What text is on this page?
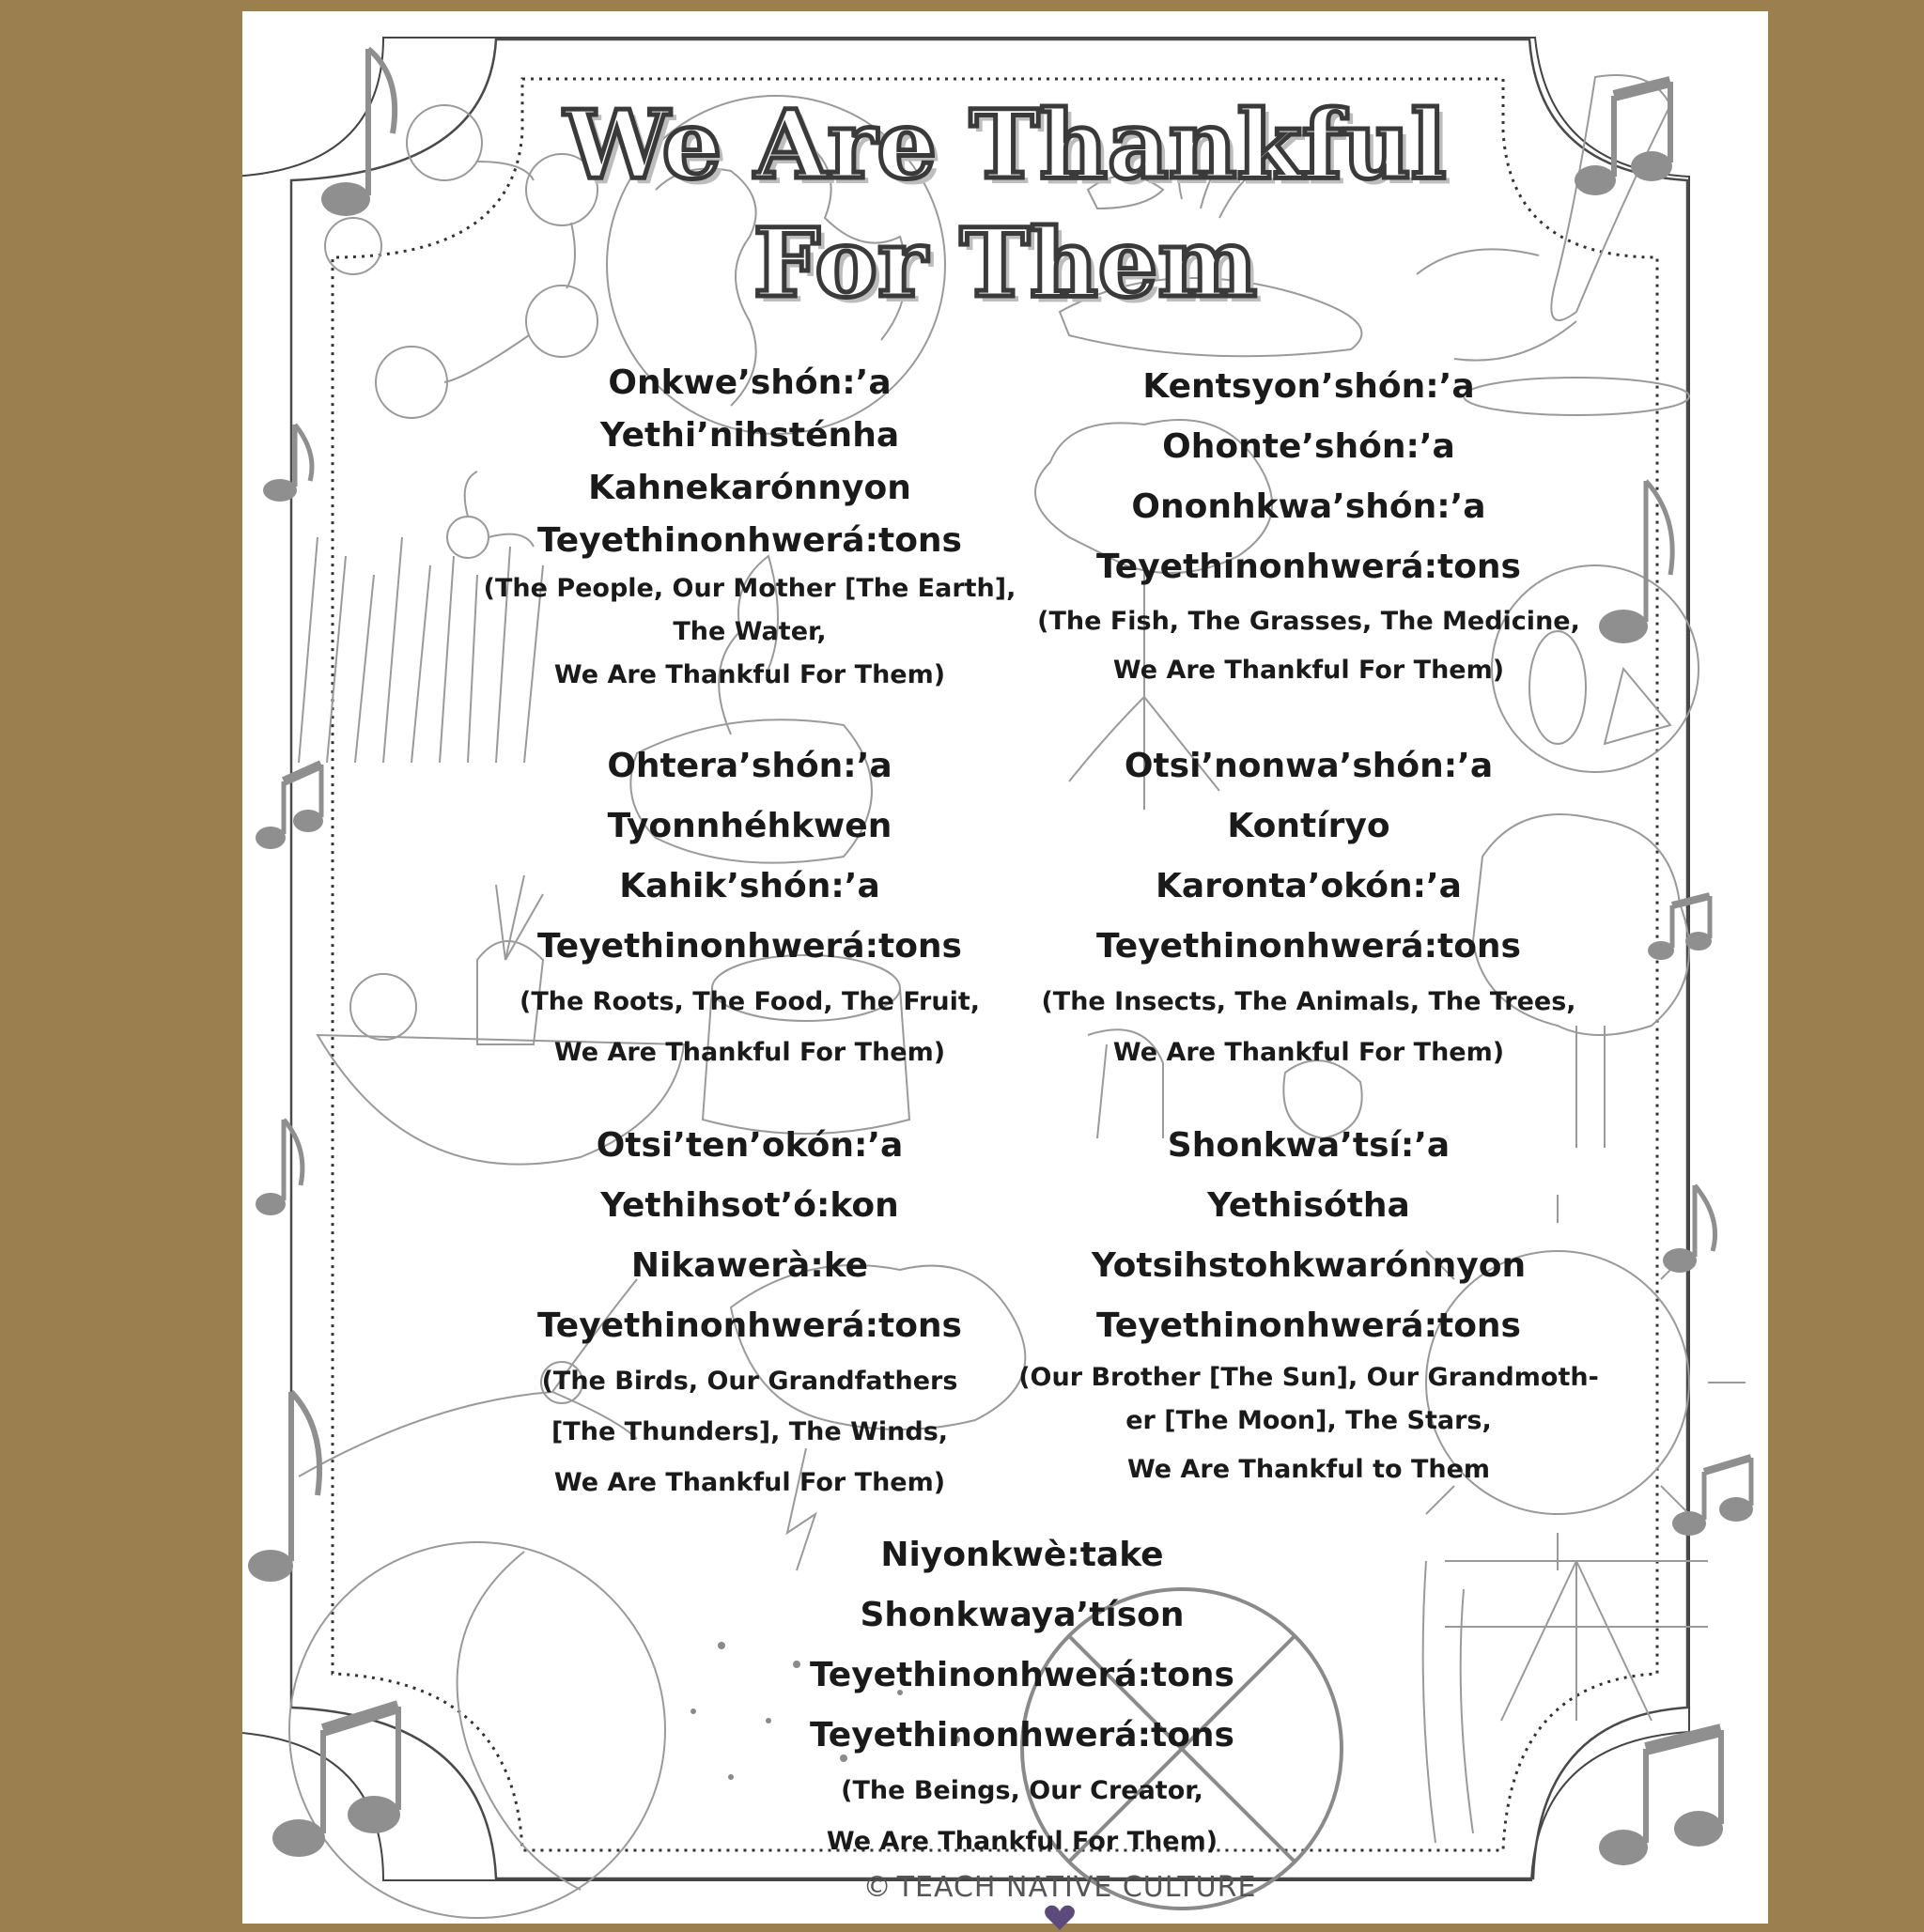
We Are Thankful
For Them
Onkwe’shón:’a
Yethi’nihsténha
Kahnekarónnyon
Teyethinonhwerá:tons
(The People, Our Mother [The Earth],
The Water,
We Are Thankful For Them)
Kentsyon’shón:’a
Ohonte’shón:’a
Ononhkwa’shón:’a
Teyethinonhwerá:tons
(The Fish, The Grasses, The Medicine,
We Are Thankful For Them)
Ohtera’shón:’a
Tyonnhéhkwen
Kahik’shón:’a
Teyethinonhwerá:tons
(The Roots, The Food, The Fruit,
We Are Thankful For Them)
Otsi’nonwa’shón:’a
Kontíryo
Karonta’okón:’a
Teyethinonhwerá:tons
(The Insects, The Animals, The Trees,
We Are Thankful For Them)
Otsi’ten’okón:’a
Yethihsot’ó:kon
Nikawerà:ke
Teyethinonhwerá:tons
(The Birds, Our Grandfathers
[The Thunders], The Winds,
We Are Thankful For Them)
Shonkwa’tsí:’a
Yethisótha
Yotsihstohkwarónnyon
Teyethinonhwerá:tons
(Our Brother [The Sun], Our Grandmoth-
er [The Moon], The Stars,
We Are Thankful to Them
Niyonkwè:take
Shonkwaya’tíson
Teyethinonhwerá:tons
Teyethinonhwerá:tons
(The Beings, Our Creator,
We Are Thankful For Them)
© TEACH NATIVE CULTURE
